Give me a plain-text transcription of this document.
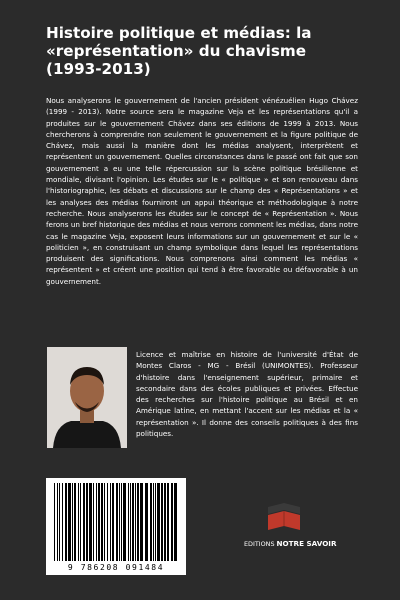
Histoire politique et médias: la «représentation» du chavisme (1993-2013)

Nous analyserons le gouvernement de l'ancien président vénézuélien Hugo Chávez (1999 - 2013). Notre source sera le magazine Veja et les représentations qu'il a produites sur le gouvernement Chávez dans ses éditions de 1999 à 2013. Nous chercherons à comprendre non seulement le gouvernement et la figure politique de Chávez, mais aussi la manière dont les médias analysent, interprètent et représentent un gouvernement. Quelles circonstances dans le passé ont fait que son gouvernement a eu une telle répercussion sur la scène politique brésilienne et mondiale, divisant l'opinion. Les études sur le « politique » et son renouveau dans l'historiographie, les débats et discussions sur le champ des « Représentations » et les analyses des médias fourniront un appui théorique et méthodologique à notre recherche. Nous analyserons les études sur le concept de « Représentation ». Nous ferons un bref historique des médias et nous verrons comment les médias, dans notre cas le magazine Veja, exposent leurs informations sur un gouvernement et sur le « politicien », en construisant un champ symbolique dans lequel les représentations produisent des significations. Nous comprenons ainsi comment les médias « représentent » et créent une position qui tend à être favorable ou défavorable à un gouvernement.

Licence et maîtrise en histoire de l'université d'État de Montes Claros - MG - Brésil (UNIMONTES). Professeur d'histoire dans l'enseignement supérieur, primaire et secondaire dans des écoles publiques et privées. Effectue des recherches sur l'histoire politique au Brésil et en Amérique latine, en mettant l'accent sur les médias et la « représentation ». Il donne des conseils politiques à des fins politiques.

9 786208 091484
EDITIONS NOTRE SAVOIR
